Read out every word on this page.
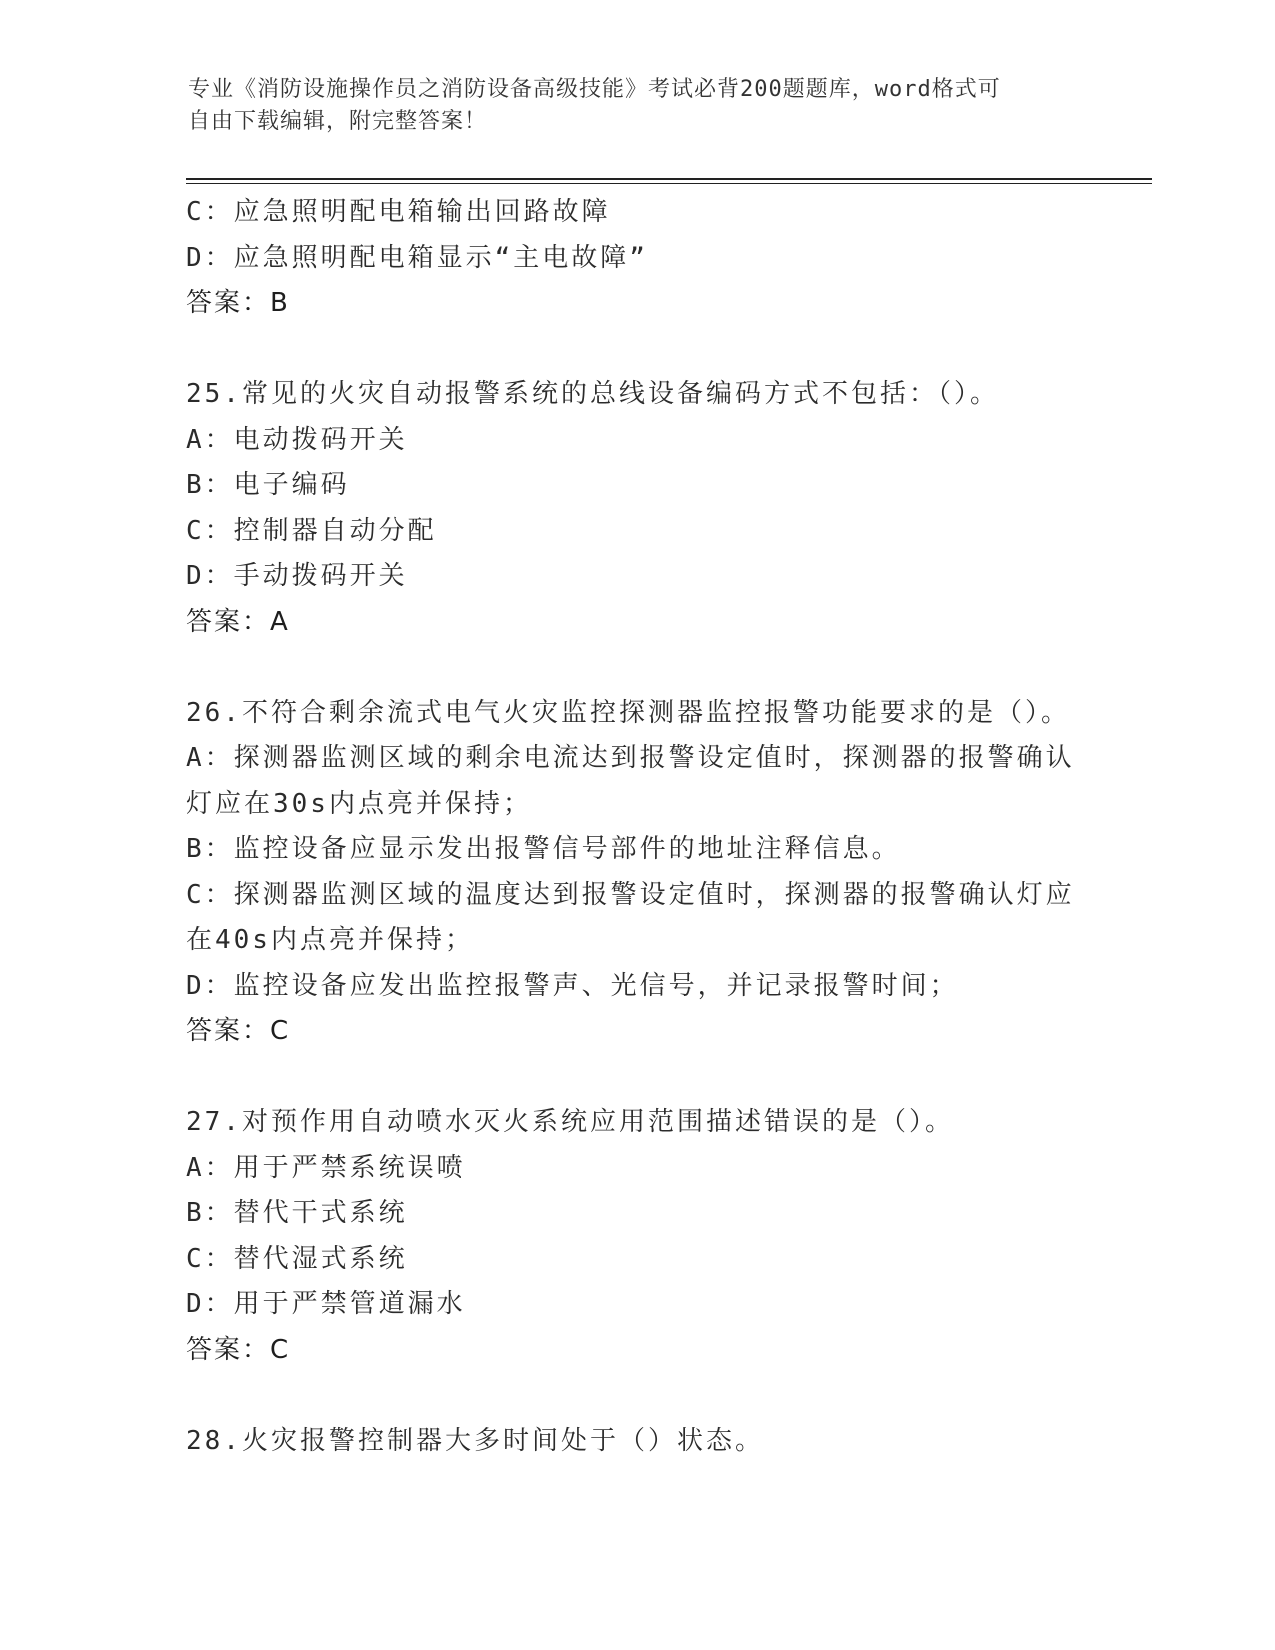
专业《消防设施操作员之消防设备高级技能》考试必背200题题库，word格式可
自由下载编辑，附完整答案！
C：应急照明配电箱输出回路故障
D：应急照明配电箱显示“主电故障”
答案：B
25.常见的火灾自动报警系统的总线设备编码方式不包括：（）。
A：电动拨码开关
B：电子编码
C：控制器自动分配
D：手动拨码开关
答案：A
26.不符合剩余流式电气火灾监控探测器监控报警功能要求的是（）。
A：探测器监测区域的剩余电流达到报警设定值时，探测器的报警确认
灯应在30s内点亮并保持；
B：监控设备应显示发出报警信号部件的地址注释信息。
C：探测器监测区域的温度达到报警设定值时，探测器的报警确认灯应
在40s内点亮并保持；
D：监控设备应发出监控报警声、光信号，并记录报警时间；
答案：C
27.对预作用自动喷水灭火系统应用范围描述错误的是（）。
A：用于严禁系统误喷
B：替代干式系统
C：替代湿式系统
D：用于严禁管道漏水
答案：C
28.火灾报警控制器大多时间处于（）状态。
